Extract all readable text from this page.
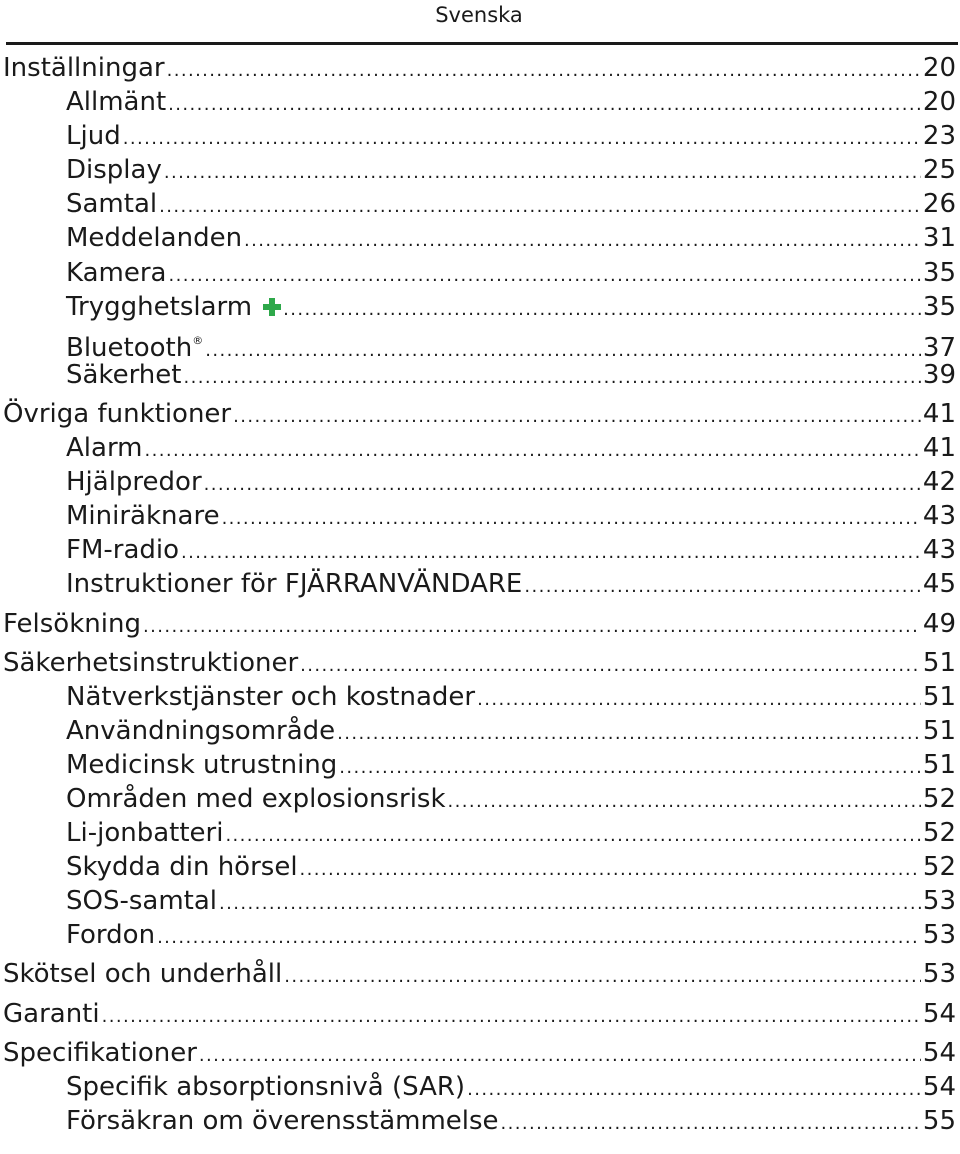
Svenska
Inställningar .....	20
Allmänt .....	20
Ljud .....	23
Display .....	25
Samtal .....	26
Meddelanden .....	31
Kamera .....	35
Trygghetslarm .....	35
Bluetooth® .....	37
Säkerhet .....	39
Övriga funktioner .....	41
Alarm .....	41
Hjälpredor .....	42
Miniräknare .....	43
FM-radio .....	43
Instruktioner för FJÄRRANVÄNDARE .....	45
Felsökning .....	49
Säkerhetsinstruktioner .....	51
Nätverkstjänster och kostnader .....	51
Användningsområde .....	51
Medicinsk utrustning .....	51
Områden med explosionsrisk .....	52
Li-jonbatteri .....	52
Skydda din hörsel .....	52
SOS-samtal .....	53
Fordon .....	53
Skötsel och underhåll .....	53
Garanti .....	54
Specifikationer .....	54
Specifik absorptionsnivå (SAR) .....	54
Försäkran om överensstämmelse .....	55
